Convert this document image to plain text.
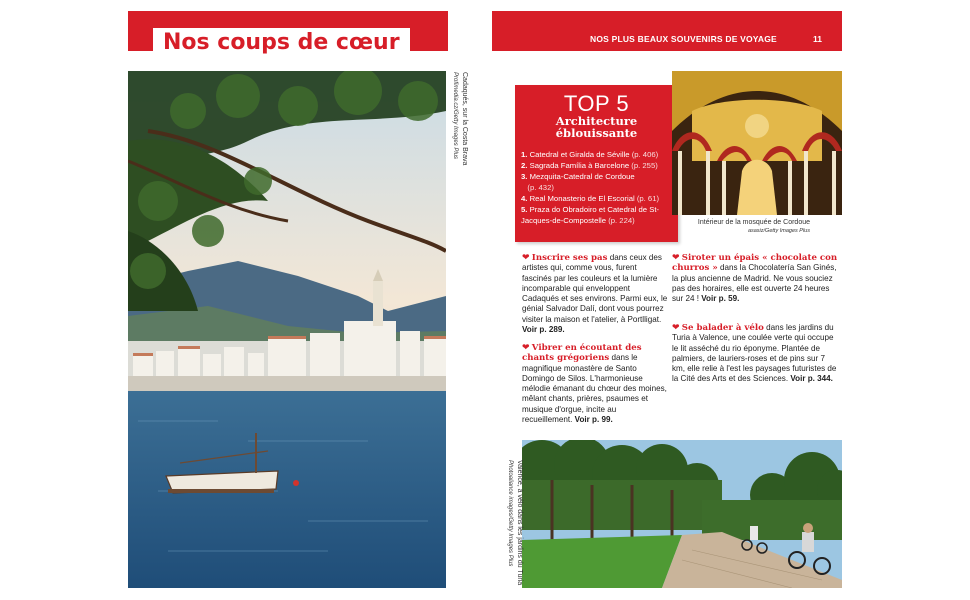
Nos coups de cœur
Cadaqués, sur la Costa Brava
Profimedia.cz/Getty Images Plus
NOS PLUS BEAUX SOUVENIRS DE VOYAGE	11
TOP 5
Architecture
éblouissante
1. Catedral et Giralda de Séville (p. 406)
2. Sagrada Família à Barcelone (p. 255)
3. Mezquita-Catedral de Cordoue
(p. 432)
4. Real Monasterio de El Escorial (p. 61)
5. Praza do Obradoiro et Catedral de St-Jacques-de-Compostelle (p. 224)	Intérieur de la mosquée de Cordoue
asasiz/Getty Images Plus
❤ Inscrire ses pas dans ceux des artistes qui, comme vous, furent fascinés par les couleurs et la lumière incomparable qui enveloppent Cadaqués et ses environs. Parmi eux, le génial Salvador Dalí, dont vous pourrez visiter la maison et l'atelier, à Portlligat. Voir p. 289.
❤ Vibrer en écoutant des chants grégoriens dans le magnifique monastère de Santo Domingo de Silos. L'harmonieuse mélodie émanant du chœur des moines, mêlant chants, prières, psaumes et musique d'orgue, incite au recueillement. Voir p. 99.
❤ Siroter un épais « chocolate con churros » dans la Chocolatería San Ginés, la plus ancienne de Madrid. Ne vous souciez pas des horaires, elle est ouverte 24 heures sur 24 ! Voir p. 59.
❤ Se balader à vélo dans les jardins du Turia à Valence, une coulée verte qui occupe le lit asséché du rio éponyme. Plantée de palmiers, de lauriers-roses et de pins sur 7 km, elle relie à l'est les paysages futuristes de la Cité des Arts et des Sciences. Voir p. 344.
Valence, à vélo dans les jardins du Turia
Photoaliance images/Getty Images Plus
